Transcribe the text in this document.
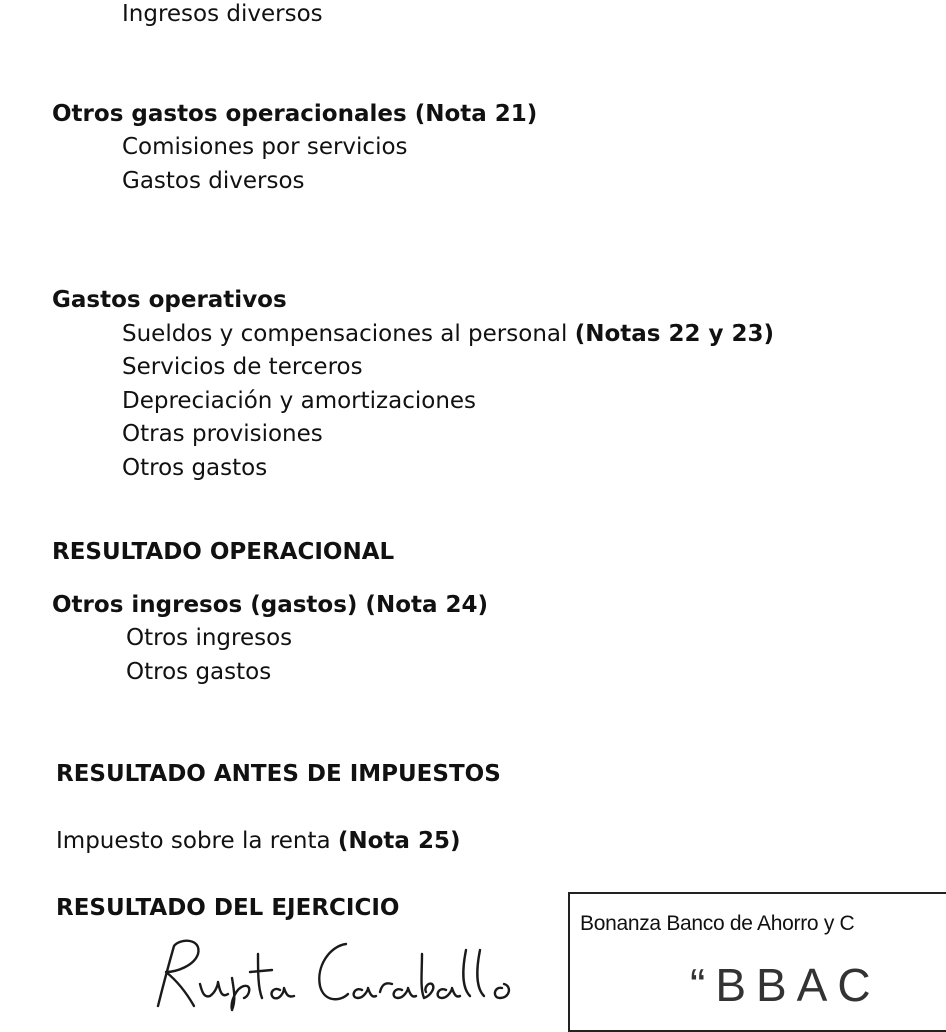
Ingresos diversos
Otros gastos operacionales (Nota 21)
Comisiones por servicios
Gastos diversos
Gastos operativos
Sueldos y compensaciones al personal (Notas 22 y 23)
Servicios de terceros
Depreciación y amortizaciones
Otras provisiones
Otros gastos
RESULTADO OPERACIONAL
Otros ingresos (gastos) (Nota 24)
Otros ingresos
Otros gastos
RESULTADO ANTES DE IMPUESTOS
Impuesto sobre la renta (Nota 25)
RESULTADO DEL EJERCICIO
Bonanza Banco de Ahorro y C
“BBAC
